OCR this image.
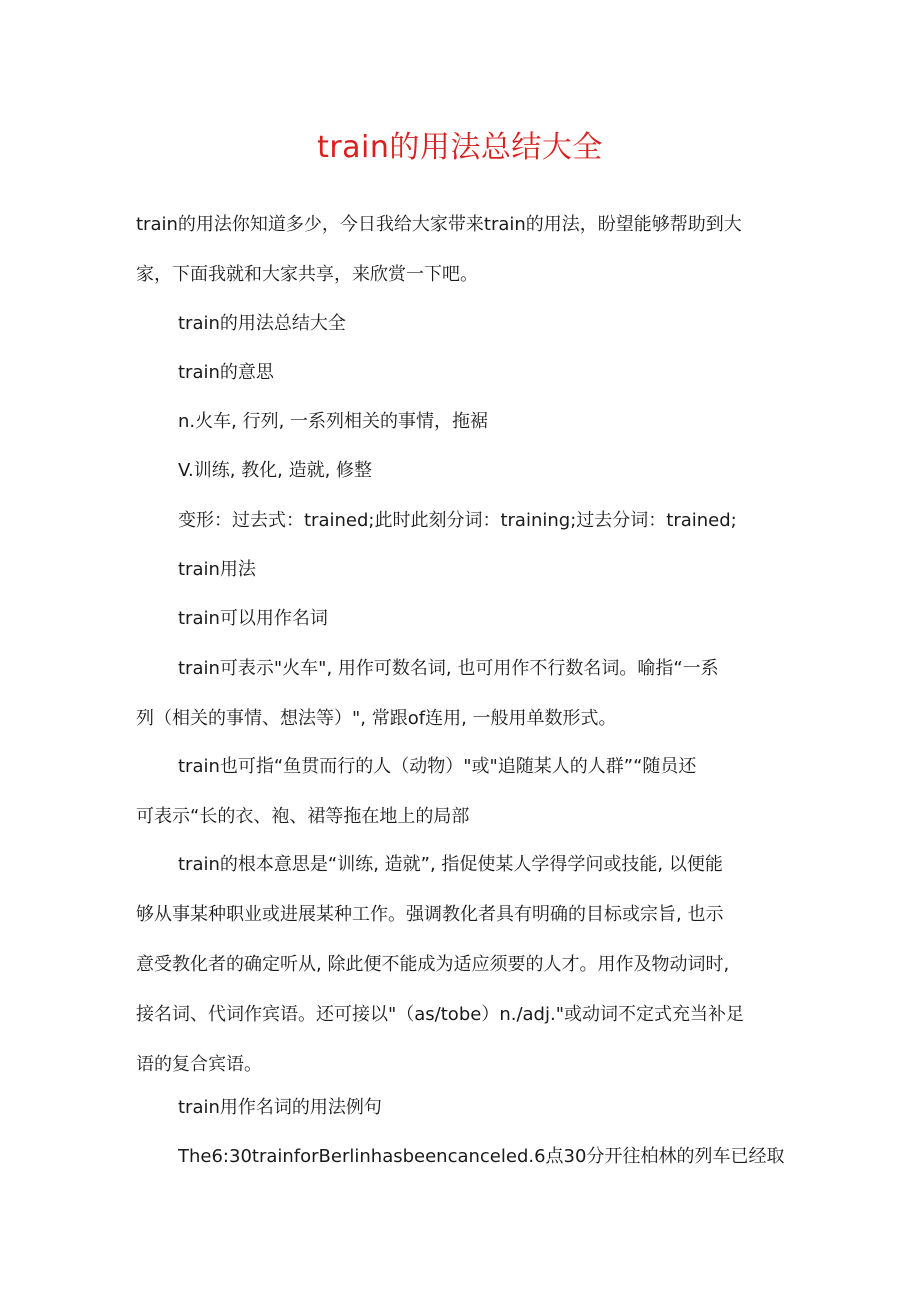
train的用法总结大全
train的用法你知道多少，今日我给大家带来train的用法，盼望能够帮助到大
家，下面我就和大家共享，来欣赏一下吧。
train的用法总结大全
train的意思
n.火车, 行列, 一系列相关的事情，拖裾
V.训练, 教化, 造就, 修整
变形：过去式：trained;此时此刻分词：training;过去分词：trained;
train用法
train可以用作名词
train可表示"火车", 用作可数名词, 也可用作不行数名词。喻指“一系
列（相关的事情、想法等）", 常跟of连用, 一般用单数形式。
train也可指“鱼贯而行的人（动物）"或"追随某人的人群”“随员还
可表示“长的衣、袍、裙等拖在地上的局部
train的根本意思是“训练, 造就”, 指促使某人学得学问或技能, 以便能
够从事某种职业或进展某种工作。强调教化者具有明确的目标或宗旨, 也示
意受教化者的确定听从, 除此便不能成为适应须要的人才。用作及物动词时,
接名词、代词作宾语。还可接以"（as/tobe）n./adj."或动词不定式充当补足
语的复合宾语。
train用作名词的用法例句
The6:30trainforBerlinhasbeencanceled.6点30分开往柏林的列车已经取
